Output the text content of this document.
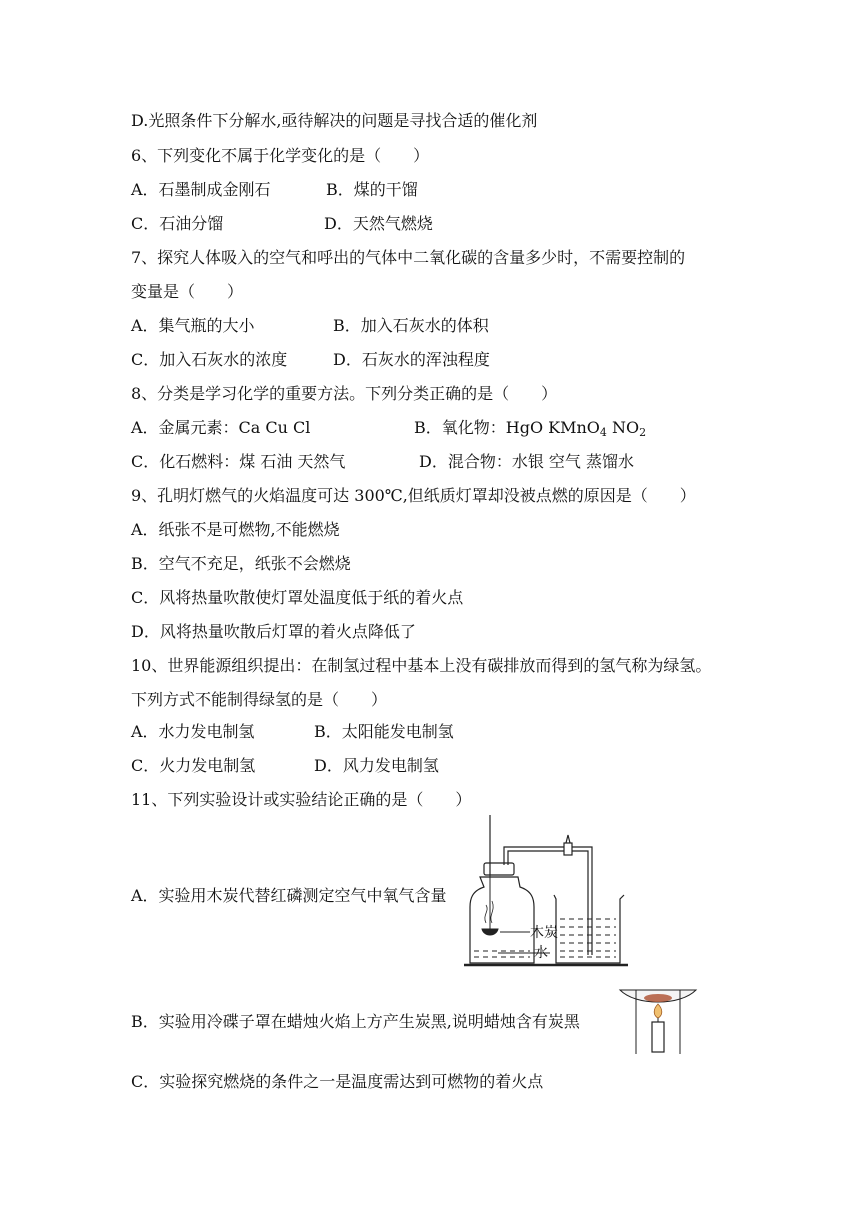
D.光照条件下分解水,亟待解决的问题是寻找合适的催化剂
6、下列变化不属于化学变化的是（　　）
A．石墨制成金刚石	B．煤的干馏
C．石油分馏	D．天然气燃烧
7、探究人体吸入的空气和呼出的气体中二氧化碳的含量多少时，不需要控制的
变量是（　　）
A．集气瓶的大小	B．加入石灰水的体积
C．加入石灰水的浓度	D．石灰水的浑浊程度
8、分类是学习化学的重要方法。下列分类正确的是（　　）
A．金属元素：Ca Cu Cl	B．氧化物：HgO KMnO$_4$ $NO_2$
C．化石燃料：煤 石油 天然气	D．混合物：水银 空气 蒸馏水
9、孔明灯燃气的火焰温度可达 300℃,但纸质灯罩却没被点燃的原因是（　　）
A．纸张不是可燃物,不能燃烧
B．空气不充足，纸张不会燃烧
C．风将热量吹散使灯罩处温度低于纸的着火点
D．风将热量吹散后灯罩的着火点降低了
10、世界能源组织提出：在制氢过程中基本上没有碳排放而得到的氢气称为绿氢。
下列方式不能制得绿氢的是（　　）
A．水力发电制氢	B．太阳能发电制氢
C．火力发电制氢	D．风力发电制氢
11、下列实验设计或实验结论正确的是（　　）
A．实验用木炭代替红磷测定空气中氧气含量
B．实验用冷碟子罩在蜡烛火焰上方产生炭黑,说明蜡烛含有炭黑
C．实验探究燃烧的条件之一是温度需达到可燃物的着火点
木炭
水
